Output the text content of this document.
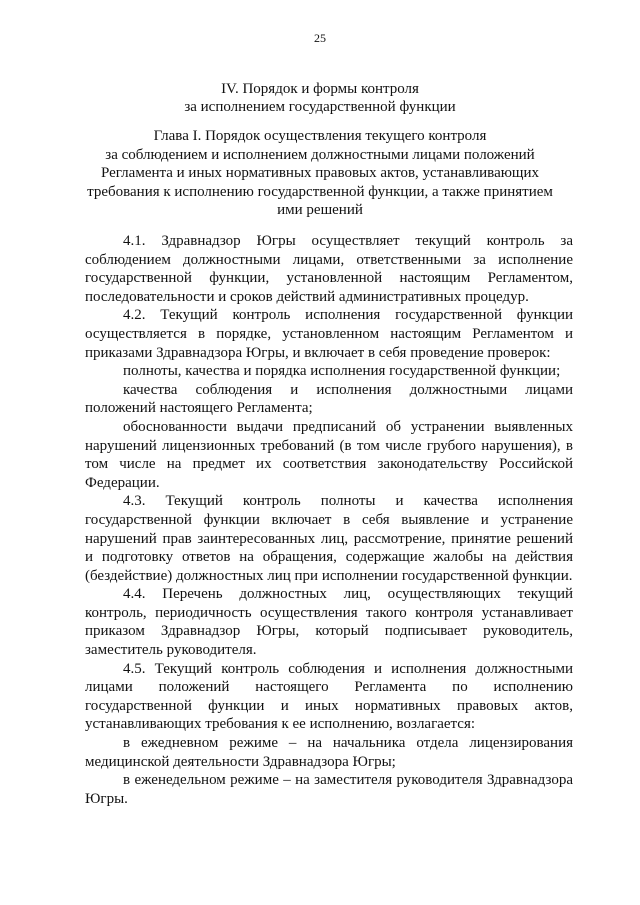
25
IV. Порядок и формы контроля
за исполнением государственной функции
Глава I. Порядок осуществления текущего контроля
за соблюдением и исполнением должностными лицами положений
Регламента и иных нормативных правовых актов, устанавливающих
требования к исполнению государственной функции, а также принятием
ими решений

4.1. Здравнадзор Югры осуществляет текущий контроль за соблюдением должностными лицами, ответственными за исполнение государственной функции, установленной настоящим Регламентом, последовательности и сроков действий административных процедур.

4.2. Текущий контроль исполнения государственной функции осуществляется в порядке, установленном настоящим Регламентом и приказами Здравнадзора Югры, и включает в себя проведение проверок:

полноты, качества и порядка исполнения государственной функции;

качества соблюдения и исполнения должностными лицами положений настоящего Регламента;

обоснованности выдачи предписаний об устранении выявленных нарушений лицензионных требований (в том числе грубого нарушения), в том числе на предмет их соответствия законодательству Российской Федерации.

4.3. Текущий контроль полноты и качества исполнения государственной функции включает в себя выявление и устранение нарушений прав заинтересованных лиц, рассмотрение, принятие решений и подготовку ответов на обращения, содержащие жалобы на действия (бездействие) должностных лиц при исполнении государственной функции.

4.4. Перечень должностных лиц, осуществляющих текущий контроль, периодичность осуществления такого контроля устанавливает приказом Здравнадзор Югры, который подписывает руководитель, заместитель руководителя.

4.5. Текущий контроль соблюдения и исполнения должностными лицами положений настоящего Регламента по исполнению государственной функции и иных нормативных правовых актов, устанавливающих требования к ее исполнению, возлагается:

в ежедневном режиме – на начальника отдела лицензирования медицинской деятельности Здравнадзора Югры;

в еженедельном режиме – на заместителя руководителя Здравнадзора Югры.
